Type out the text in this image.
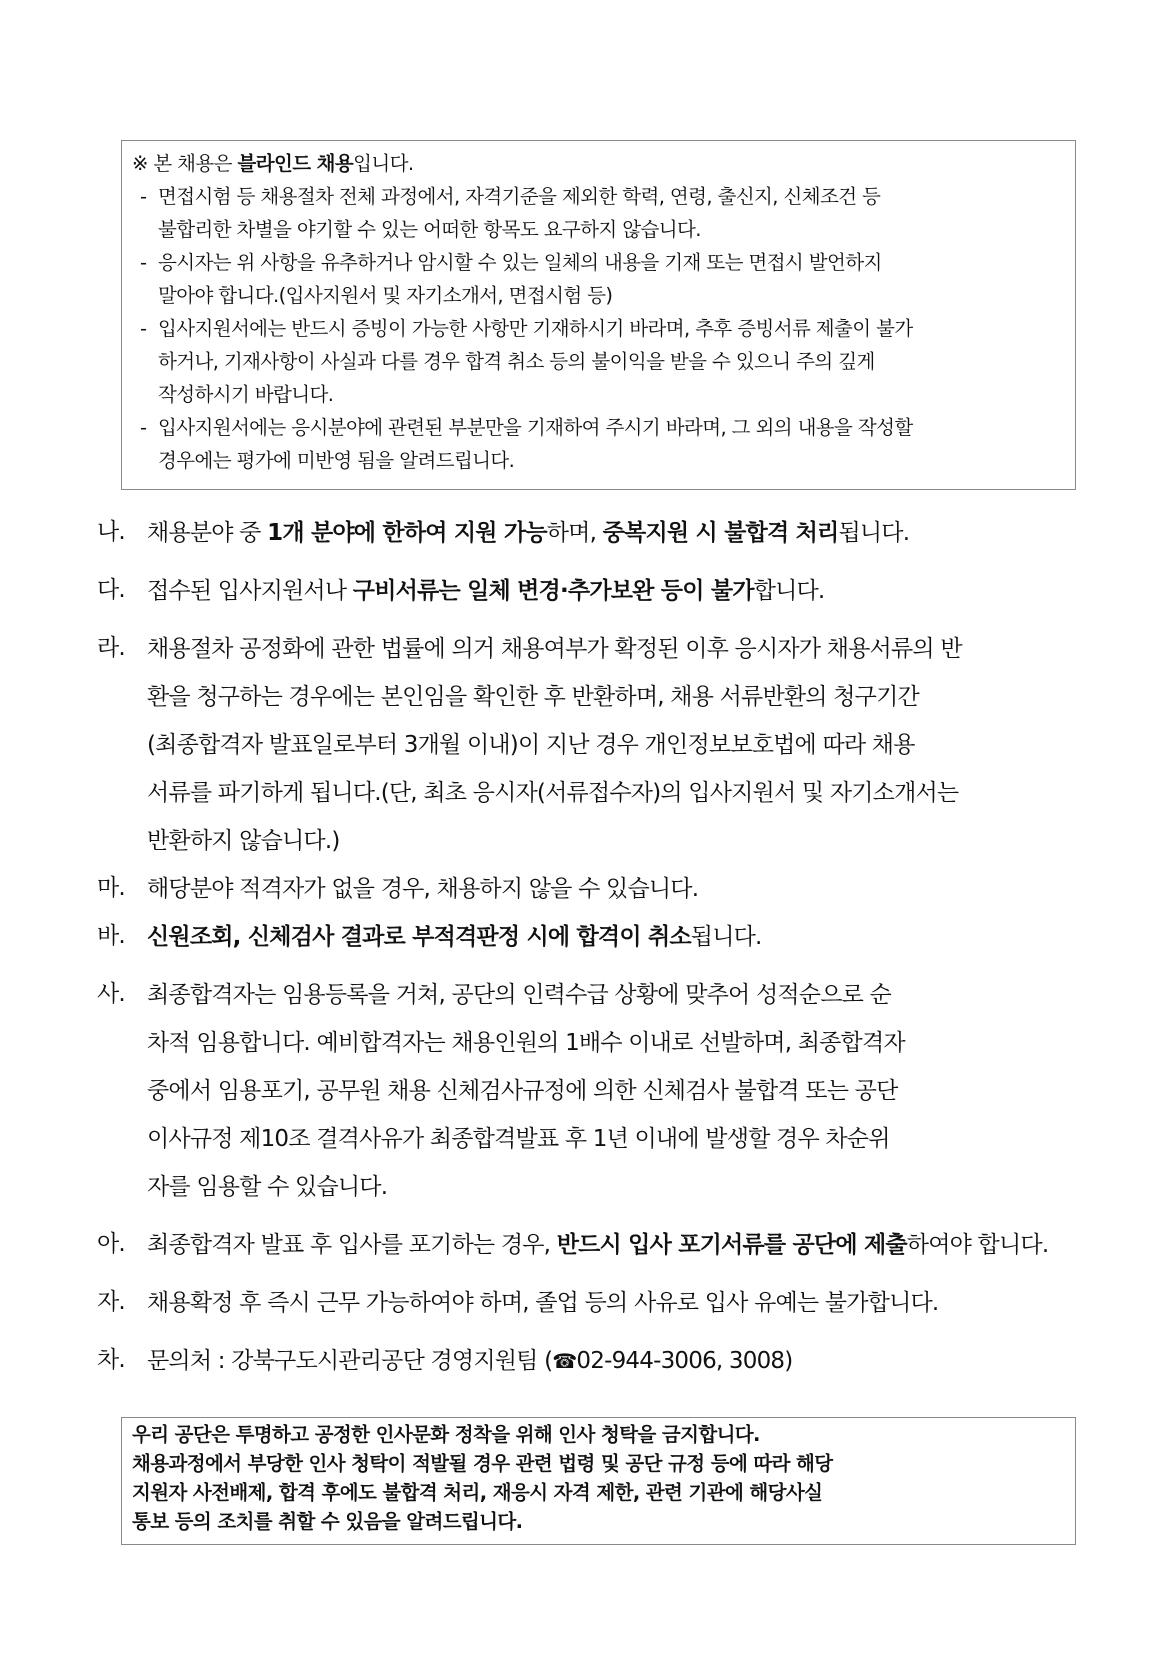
※ 본 채용은 블라인드 채용입니다.
- 면접시험 등 채용절차 전체 과정에서, 자격기준을 제외한 학력, 연령, 출신지, 신체조건 등
불합리한 차별을 야기할 수 있는 어떠한 항목도 요구하지 않습니다.
- 응시자는 위 사항을 유추하거나 암시할 수 있는 일체의 내용을 기재 또는 면접시 발언하지
말아야 합니다.(입사지원서 및 자기소개서, 면접시험 등)
- 입사지원서에는 반드시 증빙이 가능한 사항만 기재하시기 바라며, 추후 증빙서류 제출이 불가
하거나, 기재사항이 사실과 다를 경우 합격 취소 등의 불이익을 받을 수 있으니 주의 깊게
작성하시기 바랍니다.
- 입사지원서에는 응시분야에 관련된 부분만을 기재하여 주시기 바라며, 그 외의 내용을 작성할
경우에는 평가에 미반영 됨을 알려드립니다.
나. 채용분야 중 1개 분야에 한하여 지원 가능하며, 중복지원 시 불합격 처리됩니다.
다. 접수된 입사지원서나 구비서류는 일체 변경·추가보완 등이 불가합니다.
라. 채용절차 공정화에 관한 법률에 의거 채용여부가 확정된 이후 응시자가 채용서류의 반
환을 청구하는 경우에는 본인임을 확인한 후 반환하며, 채용 서류반환의 청구기간
(최종합격자 발표일로부터 3개월 이내)이 지난 경우 개인정보보호법에 따라 채용
서류를 파기하게 됩니다.(단, 최초 응시자(서류접수자)의 입사지원서 및 자기소개서는
반환하지 않습니다.)
마. 해당분야 적격자가 없을 경우, 채용하지 않을 수 있습니다.
바. 신원조회, 신체검사 결과로 부적격판정 시에 합격이 취소됩니다.
사. 최종합격자는 임용등록을 거쳐, 공단의 인력수급 상황에 맞추어 성적순으로 순
차적 임용합니다. 예비합격자는 채용인원의 1배수 이내로 선발하며, 최종합격자
중에서 임용포기, 공무원 채용 신체검사규정에 의한 신체검사 불합격 또는 공단
이사규정 제10조 결격사유가 최종합격발표 후 1년 이내에 발생할 경우 차순위
자를 임용할 수 있습니다.
아. 최종합격자 발표 후 입사를 포기하는 경우, 반드시 입사 포기서류를 공단에 제출하여야 합니다.
자. 채용확정 후 즉시 근무 가능하여야 하며, 졸업 등의 사유로 입사 유예는 불가합니다.
차. 문의처 : 강북구도시관리공단 경영지원팀 (☎02-944-3006, 3008)
우리 공단은 투명하고 공정한 인사문화 정착을 위해 인사 청탁을 금지합니다.
채용과정에서 부당한 인사 청탁이 적발될 경우 관련 법령 및 공단 규정 등에 따라 해당
지원자 사전배제, 합격 후에도 불합격 처리, 재응시 자격 제한, 관련 기관에 해당사실
통보 등의 조치를 취할 수 있음을 알려드립니다.
